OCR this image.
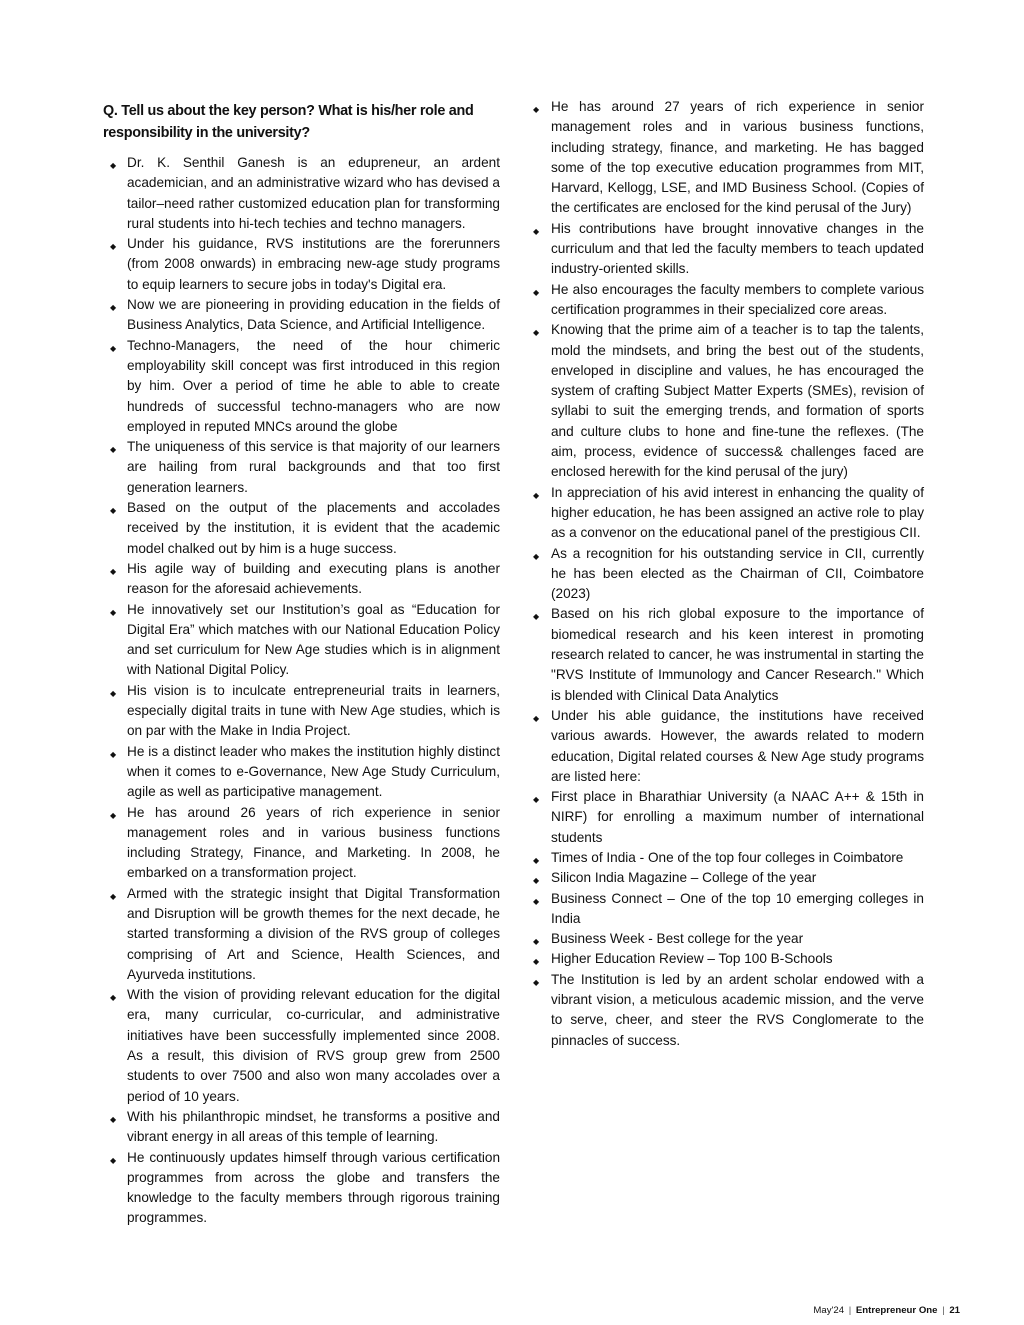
Q. Tell us about the key person? What is his/her role and responsibility in the university?
◆ Dr. K. Senthil Ganesh is an edupreneur, an ardent academician, and an administrative wizard who has devised a tailor–need rather customized education plan for transforming rural students into hi-tech techies and techno managers.
◆ Under his guidance, RVS institutions are the forerunners (from 2008 onwards) in embracing new-age study programs to equip learners to secure jobs in today's Digital era.
◆ Now we are pioneering in providing education in the fields of Business Analytics, Data Science, and Artificial Intelligence.
◆ Techno-Managers, the need of the hour chimeric employability skill concept was first introduced in this region by him. Over a period of time he able to able to create hundreds of successful techno-managers who are now employed in reputed MNCs around the globe
◆ The uniqueness of this service is that majority of our learners are hailing from rural backgrounds and that too first generation learners.
◆ Based on the output of the placements and accolades received by the institution, it is evident that the academic model chalked out by him is a huge success.
◆ His agile way of building and executing plans is another reason for the aforesaid achievements.
◆ He innovatively set our Institution’s goal as “Education for Digital Era” which matches with our National Education Policy and set curriculum for New Age studies which is in alignment with National Digital Policy.
◆ His vision is to inculcate entrepreneurial traits in learners, especially digital traits in tune with New Age studies, which is on par with the Make in India Project.
◆ He is a distinct leader who makes the institution highly distinct when it comes to e-Governance, New Age Study Curriculum, agile as well as participative management.
◆ He has around 26 years of rich experience in senior management roles and in various business functions including Strategy, Finance, and Marketing. In 2008, he embarked on a transformation project.
◆ Armed with the strategic insight that Digital Transformation and Disruption will be growth themes for the next decade, he started transforming a division of the RVS group of colleges comprising of Art and Science, Health Sciences, and Ayurveda institutions.
◆ With the vision of providing relevant education for the digital era, many curricular, co-curricular, and administrative initiatives have been successfully implemented since 2008. As a result, this division of RVS group grew from 2500 students to over 7500 and also won many accolades over a period of 10 years.
◆ With his philanthropic mindset, he transforms a positive and vibrant energy in all areas of this temple of learning.
◆ He continuously updates himself through various certification programmes from across the globe and transfers the knowledge to the faculty members through rigorous training programmes.
◆ He has around 27 years of rich experience in senior management roles and in various business functions, including strategy, finance, and marketing. He has bagged some of the top executive education programmes from MIT, Harvard, Kellogg, LSE, and IMD Business School. (Copies of the certificates are enclosed for the kind perusal of the Jury)
◆ His contributions have brought innovative changes in the curriculum and that led the faculty members to teach updated industry-oriented skills.
◆ He also encourages the faculty members to complete various certification programmes in their specialized core areas.
◆ Knowing that the prime aim of a teacher is to tap the talents, mold the mindsets, and bring the best out of the students, enveloped in discipline and values, he has encouraged the system of crafting Subject Matter Experts (SMEs), revision of syllabi to suit the emerging trends, and formation of sports and culture clubs to hone and fine-tune the reflexes. (The aim, process, evidence of success& challenges faced are enclosed herewith for the kind perusal of the jury)
◆ In appreciation of his avid interest in enhancing the quality of higher education, he has been assigned an active role to play as a convenor on the educational panel of the prestigious CII.
◆ As a recognition for his outstanding service in CII, currently he has been elected as the Chairman of CII, Coimbatore (2023)
◆ Based on his rich global exposure to the importance of biomedical research and his keen interest in promoting research related to cancer, he was instrumental in starting the "RVS Institute of Immunology and Cancer Research." Which is blended with Clinical Data Analytics
◆ Under his able guidance, the institutions have received various awards. However, the awards related to modern education, Digital related courses & New Age study programs are listed here:
◆ First place in Bharathiar University (a NAAC A++ & 15th in NIRF) for enrolling a maximum number of international students
◆ Times of India - One of the top four colleges in Coimbatore
◆ Silicon India Magazine – College of the year
◆ Business Connect – One of the top 10 emerging colleges in India
◆ Business Week - Best college for the year
◆ Higher Education Review – Top 100 B-Schools
◆ The Institution is led by an ardent scholar endowed with a vibrant vision, a meticulous academic mission, and the verve to serve, cheer, and steer the RVS Conglomerate to the pinnacles of success.
May'24 | Entrepreneur One | 21
